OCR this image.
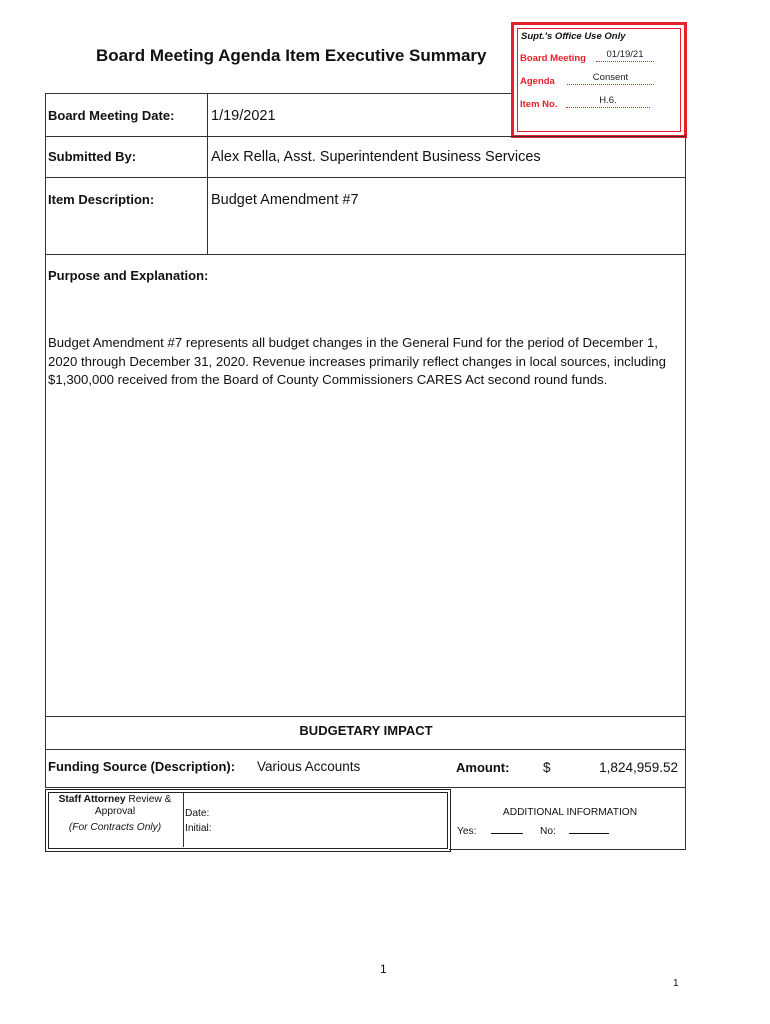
Board Meeting Agenda Item Executive Summary
Supt.'s Office Use Only
Board Meeting	01/19/21
Agenda	Consent
Item No.	H.6.
Board Meeting Date:	1/19/2021
Submitted By:	Alex Rella, Asst. Superintendent Business Services
Item Description:	Budget Amendment #7
Purpose and Explanation:
Budget Amendment #7 represents all budget changes in the General Fund for the period of December 1, 2020 through December 31, 2020. Revenue increases primarily reflect changes in local sources, including $1,300,000 received from the Board of County Commissioners CARES Act second round funds.
BUDGETARY IMPACT
Funding Source (Description): Various Accounts	Amount: $	1,824,959.52
Staff Attorney Review &
Approval
(For Contracts Only)
Date:
Initial:
ADDITIONAL INFORMATION
Yes:	No:
1
1
